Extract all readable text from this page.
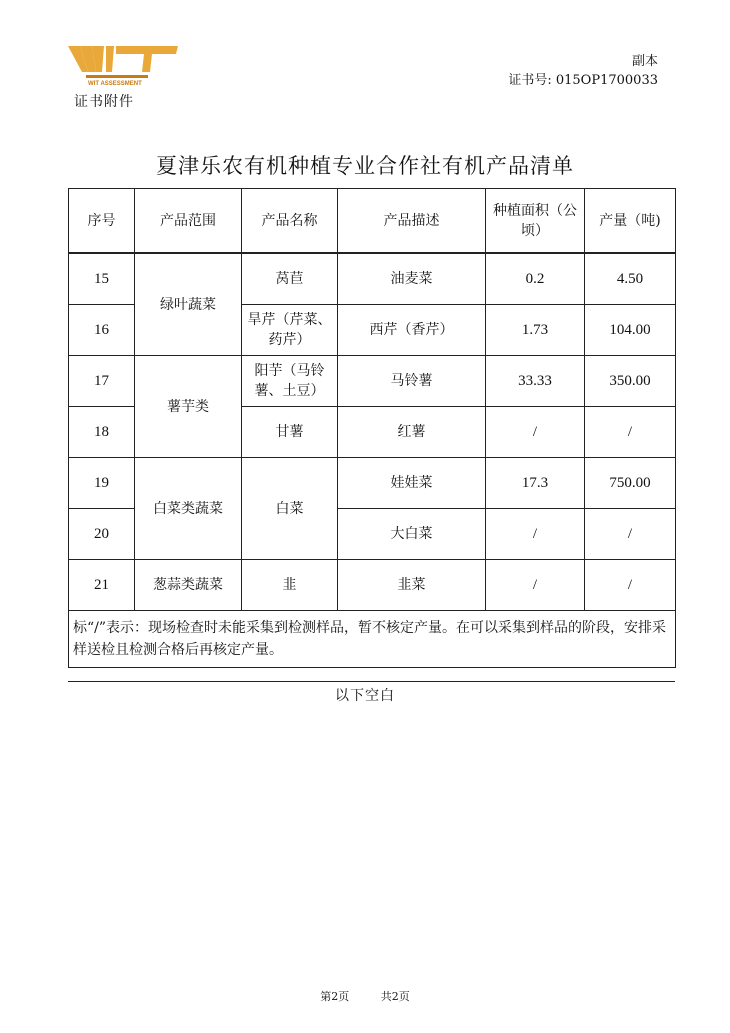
WIT ASSESSMENT
证书附件
副本
证书号: 015OP1700033
夏津乐农有机种植专业合作社有机产品清单
序号	产品范围	产品名称	产品描述	种植面积（公顷）	产量（吨)

15	绿叶蔬菜	莴苣	油麦菜	0.2	4.50
16		旱芹（芹菜、药芹）	西芹（香芹）	1.73	104.00
17	薯芋类	阳芋（马铃薯、土豆）	马铃薯	33.33	350.00
18		甘薯	红薯	/	/
19	白菜类蔬菜	白菜	娃娃菜	17.3	750.00
20			大白菜	/	/
21	葱蒜类蔬菜	韭	韭菜	/	/
标“/”表示：现场检查时未能采集到检测样品，暂不核定产量。在可以采集到样品的阶段，安排采样送检且检测合格后再核定产量。					
以下空白
第2页	共2页
